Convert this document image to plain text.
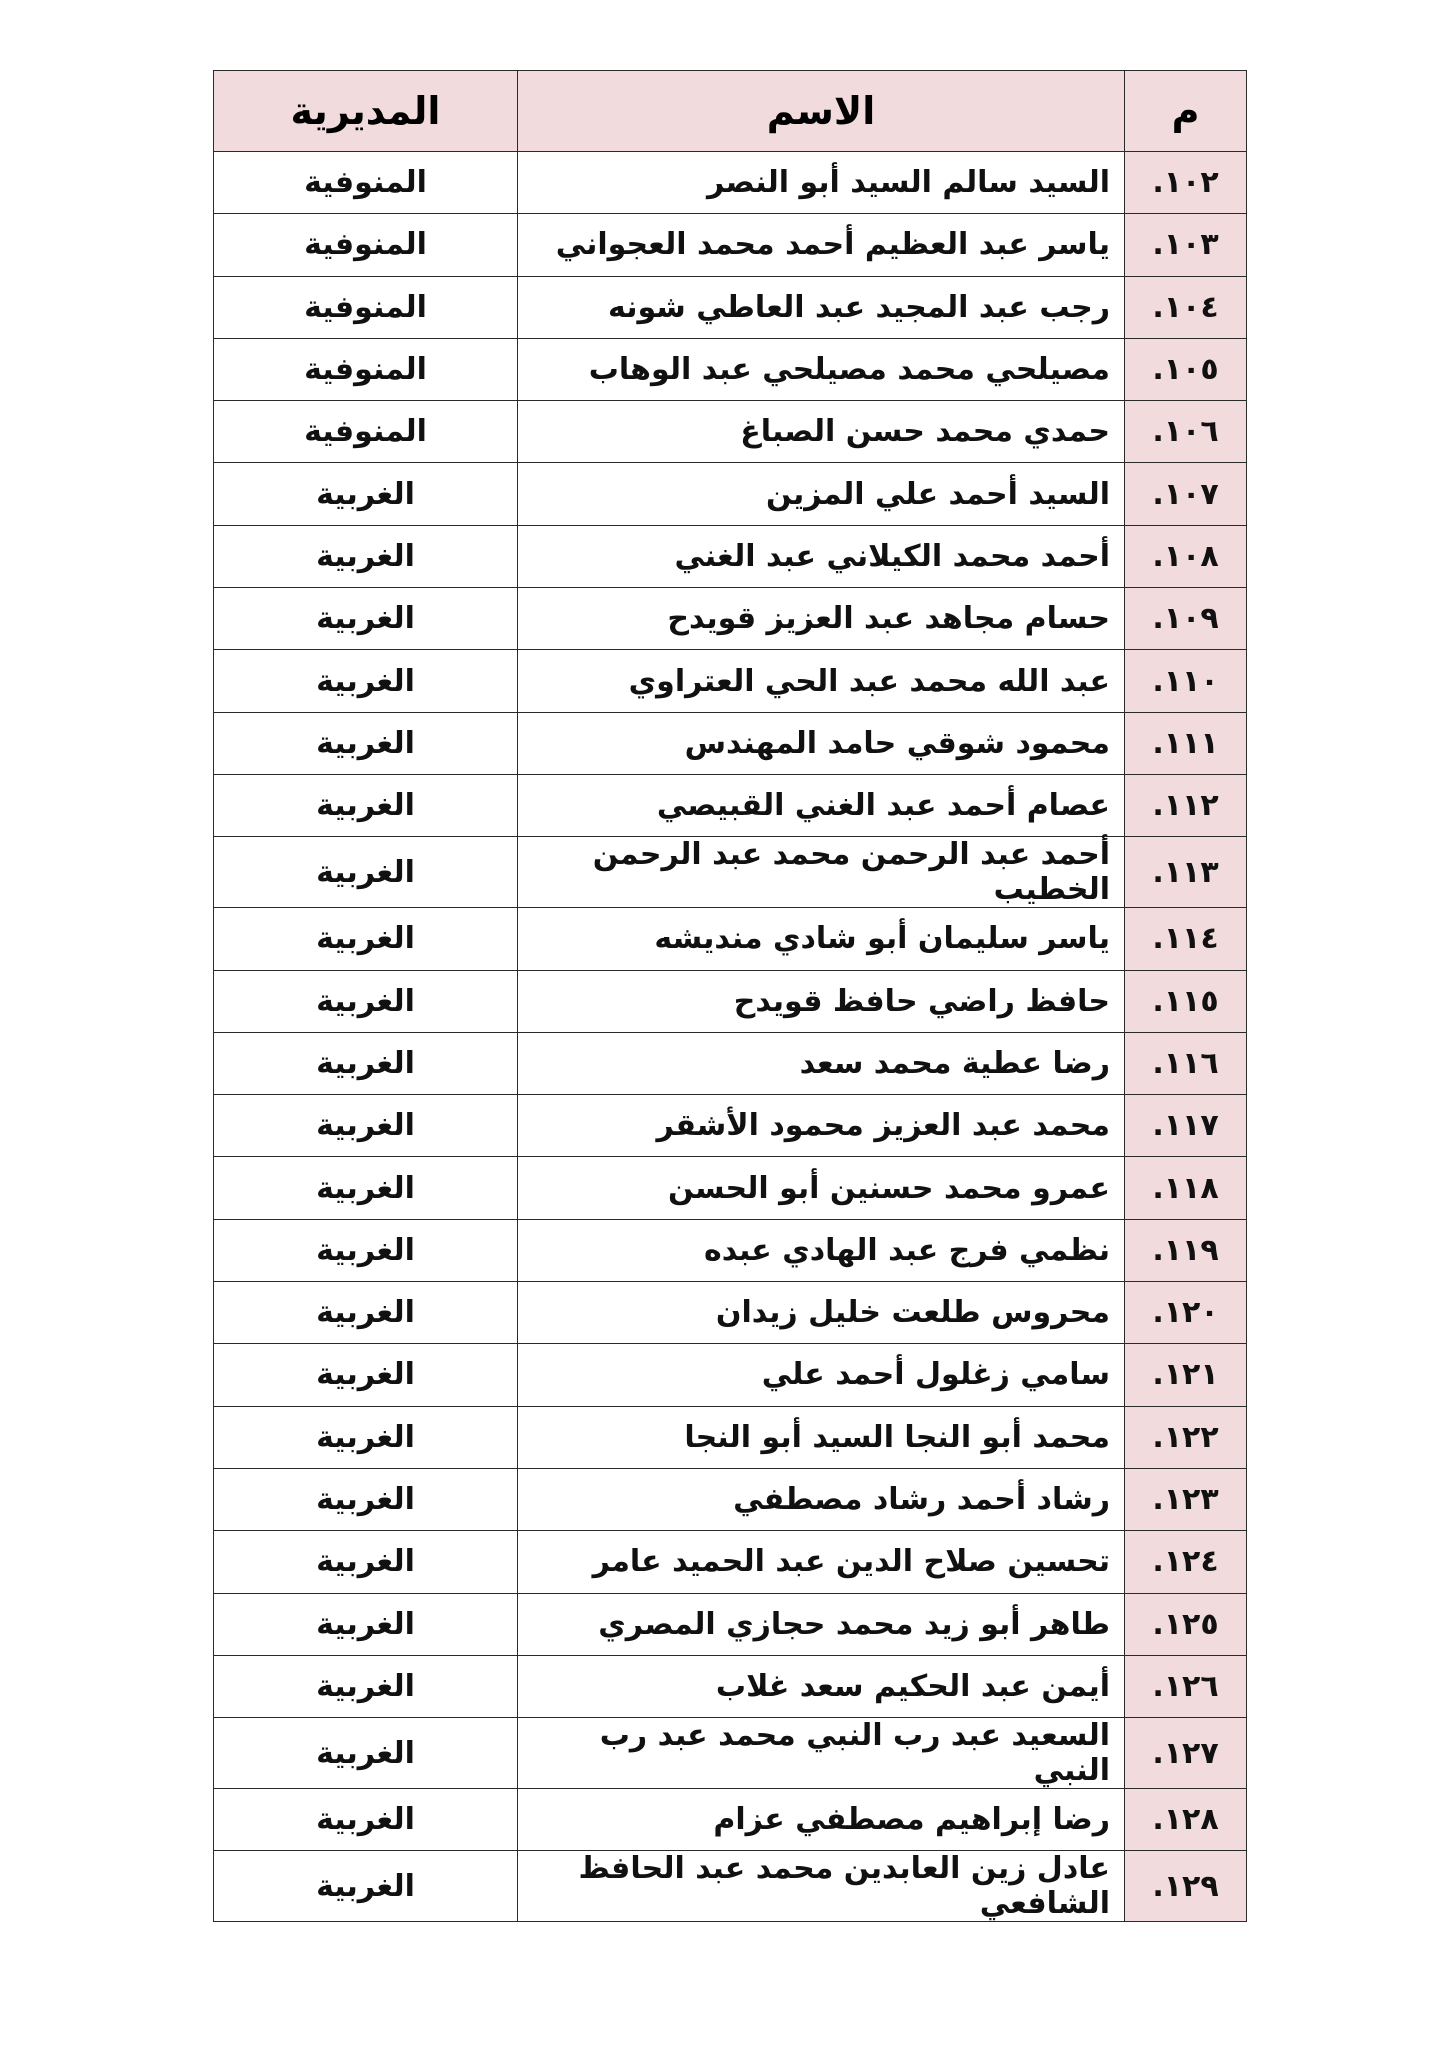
م	الاسم	المديرية
١٠٢.	السيد سالم السيد أبو النصر	المنوفية
١٠٣.	ياسر عبد العظيم أحمد محمد العجواني	المنوفية
١٠٤.	رجب عبد المجيد عبد العاطي شونه	المنوفية
١٠٥.	مصيلحي محمد مصيلحي عبد الوهاب	المنوفية
١٠٦.	حمدي محمد حسن الصباغ	المنوفية
١٠٧.	السيد أحمد علي المزين	الغربية
١٠٨.	أحمد محمد الكيلاني عبد الغني	الغربية
١٠٩.	حسام مجاهد عبد العزيز قويدح	الغربية
١١٠.	عبد الله محمد عبد الحي العتراوي	الغربية
١١١.	محمود شوقي حامد المهندس	الغربية
١١٢.	عصام أحمد عبد الغني القبيصي	الغربية
١١٣.	أحمد عبد الرحمن محمد عبد الرحمن الخطيب	الغربية
١١٤.	ياسر سليمان أبو شادي منديشه	الغربية
١١٥.	حافظ راضي حافظ قويدح	الغربية
١١٦.	رضا عطية محمد سعد	الغربية
١١٧.	محمد عبد العزيز محمود الأشقر	الغربية
١١٨.	عمرو محمد حسنين أبو الحسن	الغربية
١١٩.	نظمي فرج عبد الهادي عبده	الغربية
١٢٠.	محروس طلعت خليل زيدان	الغربية
١٢١.	سامي زغلول أحمد علي	الغربية
١٢٢.	محمد أبو النجا السيد أبو النجا	الغربية
١٢٣.	رشاد أحمد رشاد مصطفي	الغربية
١٢٤.	تحسين صلاح الدين عبد الحميد عامر	الغربية
١٢٥.	طاهر أبو زيد محمد حجازي المصري	الغربية
١٢٦.	أيمن عبد الحكيم سعد غلاب	الغربية
١٢٧.	السعيد عبد رب النبي محمد عبد رب النبي	الغربية
١٢٨.	رضا إبراهيم مصطفي عزام	الغربية
١٢٩.	عادل زين العابدين محمد عبد الحافظ الشافعي	الغربية
